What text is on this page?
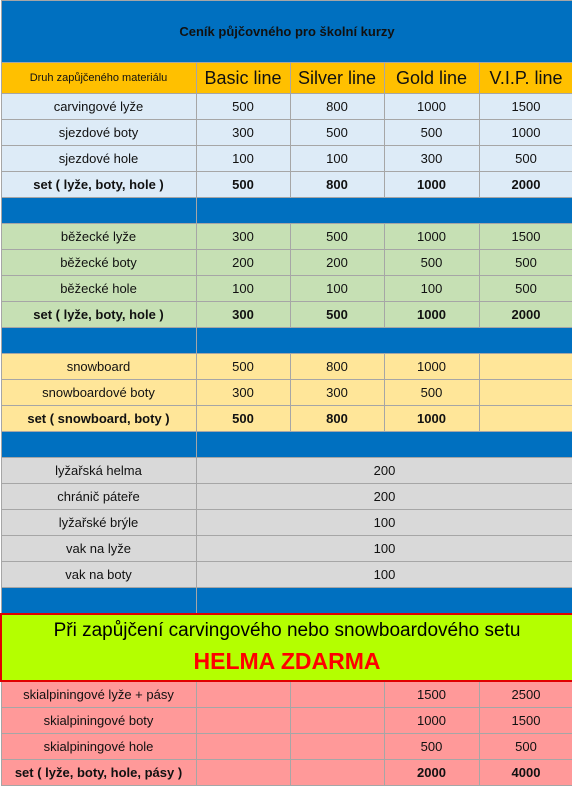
Ceník půjčovného pro školní kurzy				
Druh zapůjčeného materiálu	Basic line	Silver line	Gold line	V.I.P. line
carvingové lyže	500	800	1000	1500
sjezdové boty	300	500	500	1000
sjezdové hole	100	100	300	500
set ( lyže, boty, hole )	500	800	1000	2000

běžecké lyže	300	500	1000	1500
běžecké boty	200	200	500	500
běžecké hole	100	100	100	500
set ( lyže, boty, hole )	300	500	1000	2000

snowboard	500	800	1000	
snowboardové boty	300	300	500	
set ( snowboard, boty )	500	800	1000	

lyžařská helma	200			
chránič páteře	200			
lyžařské brýle	100			
vak na lyže	100			
vak na boty	100			

Při zapůjčení carvingového nebo snowboardového setu
HELMA ZDARMA				

skialpiningové lyže + pásy			1500	2500
skialpiningové boty			1000	1500
skialpiningové hole			500	500
set ( lyže, boty, hole, pásy )			2000	4000
